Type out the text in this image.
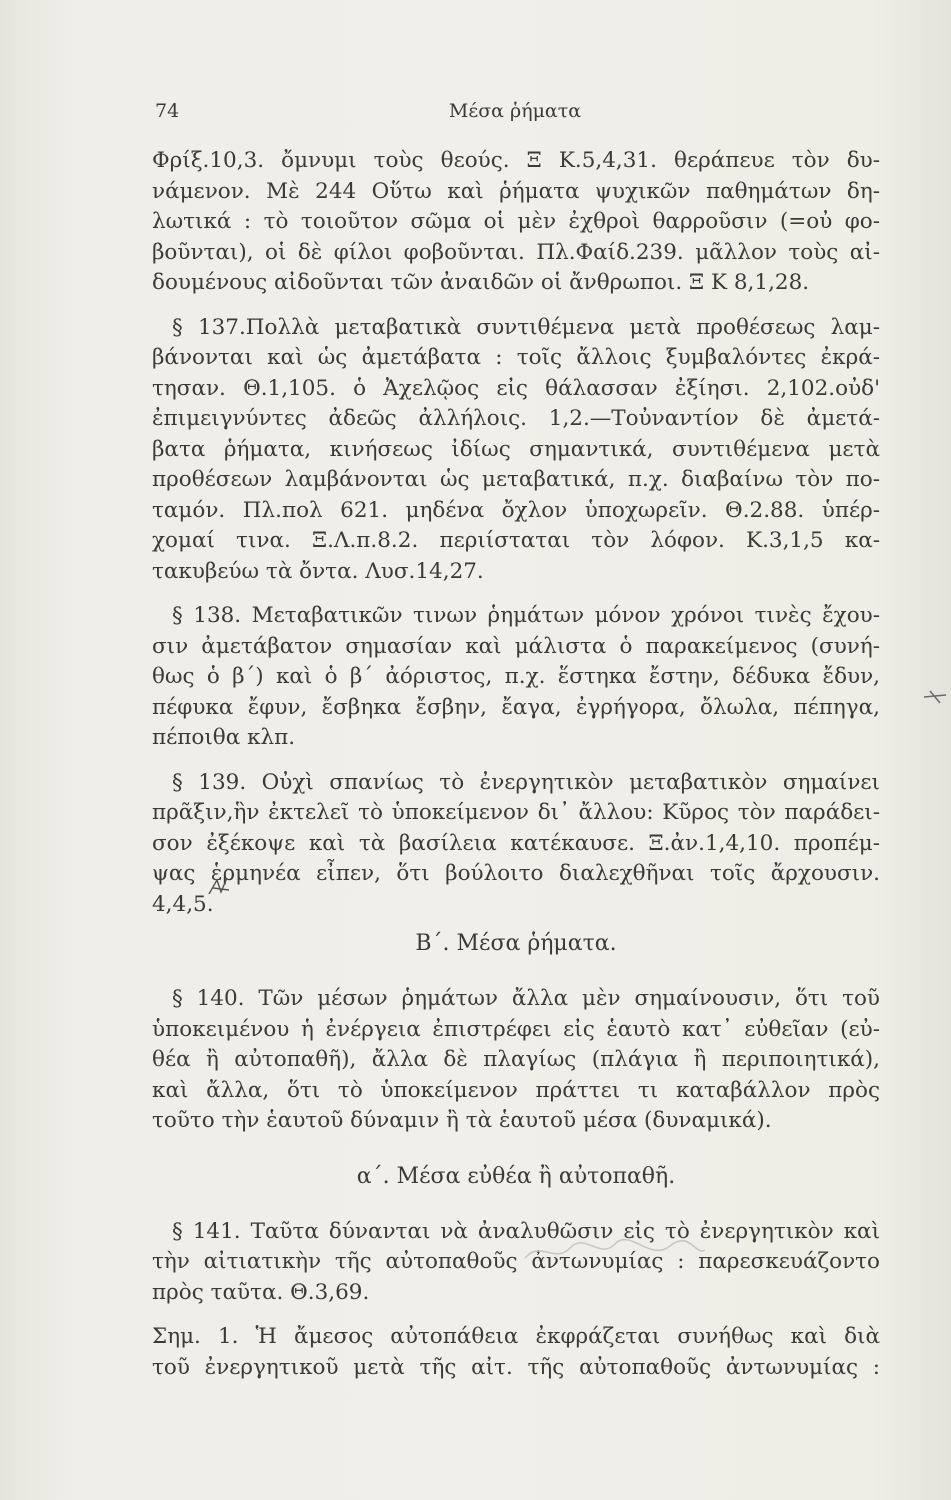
74	Μέσα ῥήματα
Φρίξ.10,3. ὄμνυμι τοὺς θεούς. Ξ Κ.5,4,31. θεράπευε τὸν δυ-
νάμενον. Μὲ 244 Οὕτω καὶ ῥήματα ψυχικῶν παθημάτων δη-
λωτικά : τὸ τοιοῦτον σῶμα οἱ μὲν ἐχθροὶ θαρροῦσιν (=οὐ φο-
βοῦνται), οἱ δὲ φίλοι φοβοῦνται. Πλ.Φαίδ.239. μᾶλλον τοὺς αἰ-
δουμένους αἰδοῦνται τῶν ἀναιδῶν οἱ ἄνθρωποι. Ξ Κ 8,1,28.
§ 137.Πολλὰ μεταβατικὰ συντιθέμενα μετὰ προθέσεως λαμ-
βάνονται καὶ ὡς ἀμετάβατα : τοῖς ἄλλοις ξυμβαλόντες ἐκρά-
τησαν. Θ.1,105. ὁ Ἀχελῷος εἰς θάλασσαν ἐξίησι. 2,102.οὐδ'
ἐπιμειγνύντες ἀδεῶς ἀλλήλοις. 1,2.—Τοὐναντίον δὲ ἀμετά-
βατα ῥήματα, κινήσεως ἰδίως σημαντικά, συντιθέμενα μετὰ
προθέσεων λαμβάνονται ὡς μεταβατικά, π.χ. διαβαίνω τὸν πο-
ταμόν. Πλ.πολ 621. μηδένα ὄχλον ὑποχωρεῖν. Θ.2.88. ὑπέρ-
χομαί τινα. Ξ.Λ.π.8.2. περιίσταται τὸν λόφον. Κ.3,1,5 κα-
τακυβεύω τὰ ὄντα. Λυσ.14,27.
§ 138. Μεταβατικῶν τινων ῥημάτων μόνον χρόνοι τινὲς ἔχου-
σιν ἀμετάβατον σημασίαν καὶ μάλιστα ὁ παρακείμενος (συνή-
θως ὁ β΄) καὶ ὁ β΄ ἀόριστος, π.χ. ἕστηκα ἔστην, δέδυκα ἔδυν,
πέφυκα ἔφυν, ἔσβηκα ἔσβην, ἔαγα, ἐγρήγορα, ὄλωλα, πέπηγα,
πέποιθα κλπ.
§ 139. Οὐχὶ σπανίως τὸ ἐνεργητικὸν μεταβατικὸν σημαίνει
πρᾶξιν,ἣν ἐκτελεῖ τὸ ὑποκείμενον δι᾽ ἄλλου: Κῦρος τὸν παράδει-
σον ἐξέκοψε καὶ τὰ βασίλεια κατέκαυσε. Ξ.ἀν.1,4,10. προπέμ-
ψας ἑρμηνέα εἶπεν, ὅτι βούλοιτο διαλεχθῆναι τοῖς ἄρχουσιν.
4,4,5.
Β΄. Μέσα ῥήματα.
§ 140. Τῶν μέσων ῥημάτων ἄλλα μὲν σημαίνουσιν, ὅτι τοῦ
ὑποκειμένου ἡ ἐνέργεια ἐπιστρέφει εἰς ἑαυτὸ κατ᾽ εὐθεῖαν (εὐ-
θέα ἢ αὐτοπαθῆ), ἄλλα δὲ πλαγίως (πλάγια ἢ περιποιητικά),
καὶ ἄλλα, ὅτι τὸ ὑποκείμενον πράττει τι καταβάλλον πρὸς
τοῦτο τὴν ἑαυτοῦ δύναμιν ἢ τὰ ἑαυτοῦ μέσα (δυναμικά).
α΄. Μέσα εὐθέα ἢ αὐτοπαθῆ.
§ 141. Ταῦτα δύνανται νὰ ἀναλυθῶσιν εἰς τὸ ἐνεργητικὸν καὶ
τὴν αἰτιατικὴν τῆς αὐτοπαθοῦς ἀντωνυμίας : παρεσκευάζοντο
πρὸς ταῦτα. Θ.3,69.
Σημ. 1. Ἡ ἄμεσος αὐτοπάθεια ἐκφράζεται συνήθως καὶ διὰ
τοῦ ἐνεργητικοῦ μετὰ τῆς αἰτ. τῆς αὐτοπαθοῦς ἀντωνυμίας :
